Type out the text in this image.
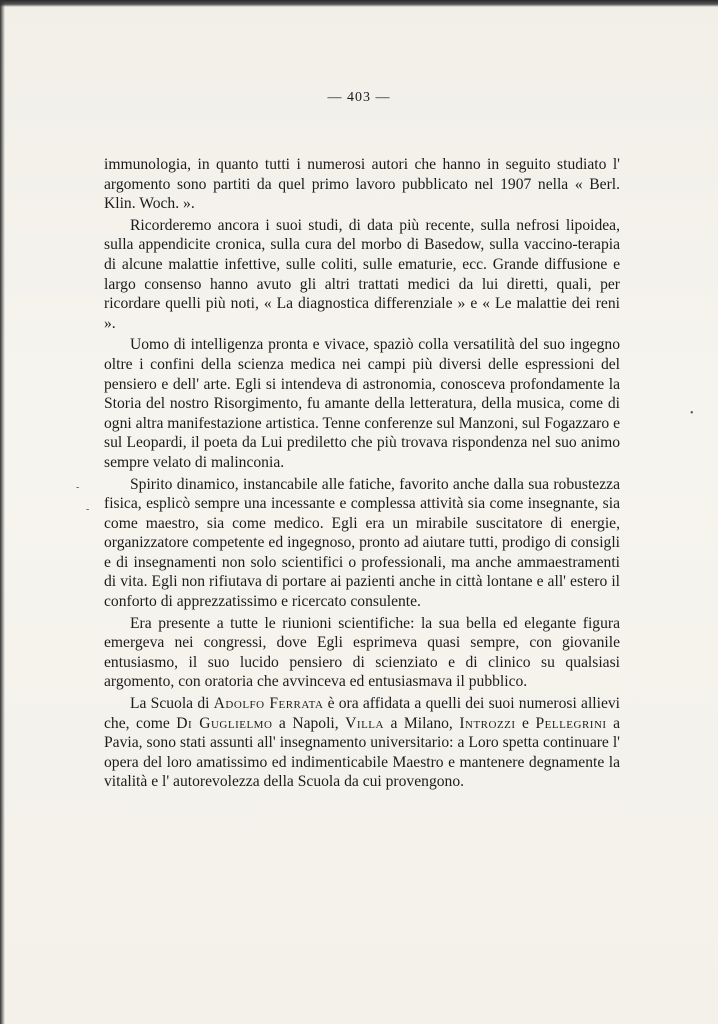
— 403 —

immunologia, in quanto tutti i numerosi autori che hanno in seguito studiato l' argomento sono partiti da quel primo lavoro pubblicato nel 1907 nella « Berl. Klin. Woch. ».

Ricorderemo ancora i suoi studi, di data più recente, sulla nefrosi lipoidea, sulla appendicite cronica, sulla cura del morbo di Basedow, sulla vaccino-terapia di alcune malattie infettive, sulle coliti, sulle ematurie, ecc. Grande diffusione e largo consenso hanno avuto gli altri trattati medici da lui diretti, quali, per ricordare quelli più noti, « La diagnostica differenziale » e « Le malattie dei reni ».

Uomo di intelligenza pronta e vivace, spaziò colla versatilità del suo ingegno oltre i confini della scienza medica nei campi più diversi delle espressioni del pensiero e dell' arte. Egli si intendeva di astronomia, conosceva profondamente la Storia del nostro Risorgimento, fu amante della letteratura, della musica, come di ogni altra manifestazione artistica. Tenne conferenze sul Manzoni, sul Fogazzaro e sul Leopardi, il poeta da Lui prediletto che più trovava rispondenza nel suo animo sempre velato di malinconia.

Spirito dinamico, instancabile alle fatiche, favorito anche dalla sua robustezza fisica, esplicò sempre una incessante e complessa attività sia come insegnante, sia come maestro, sia come medico. Egli era un mirabile suscitatore di energie, organizzatore competente ed ingegnoso, pronto ad aiutare tutti, prodigo di consigli e di insegnamenti non solo scientifici o professionali, ma anche ammaestramenti di vita. Egli non rifiutava di portare ai pazienti anche in città lontane e all' estero il conforto di apprezzatissimo e ricercato consulente.

Era presente a tutte le riunioni scientifiche: la sua bella ed elegante figura emergeva nei congressi, dove Egli esprimeva quasi sempre, con giovanile entusiasmo, il suo lucido pensiero di scienziato e di clinico su qualsiasi argomento, con oratoria che avvinceva ed entusiasmava il pubblico.

La Scuola di Adolfo Ferrata è ora affidata a quelli dei suoi numerosi allievi che, come Di Guglielmo a Napoli, Villa a Milano, Introzzi e Pellegrini a Pavia, sono stati assunti all' insegnamento universitario: a Loro spetta continuare l' opera del loro amatissimo ed indimenticabile Maestro e mantenere degnamente la vitalità e l' autorevolezza della Scuola da cui provengono.

•
-
-
